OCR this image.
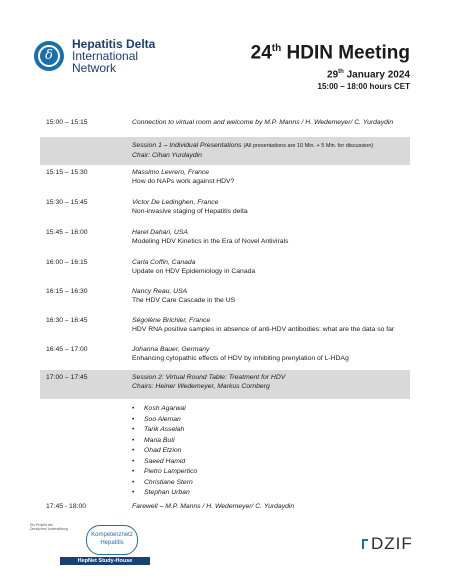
δ
Hepatitis Delta
International
Network
24th HDIN Meeting
29th January 2024
15:00 – 18:00 hours CET
15:00 – 15:15	Connection to virtual room and welcome by M.P. Manns / H. Wedemeyer/ C. Yurdaydin
Session 1 – Individual Presentations (All presentations are 10 Min. + 5 Min. for discussion)
Chair: Cihan Yurdaydin
15:15 – 15:30	Massimo Levrero, France
How do NAPs work against HDV?
15:30 – 15:45	Victor De Ledinghen, France
Non-invasive staging of Hepatitis delta
15:45 – 16:00	Harel Dahari, USA
Modeling HDV Kinetics in the Era of Novel Antivirals
16:00 – 16:15	Carla Coffin, Canada
Update on HDV Epidemiology in Canada
16:15 – 16:30	Nancy Reau, USA
The HDV Care Cascade in the US
16:30 – 16:45	Ségolène Brichler, France
HDV RNA positive samples in absence of anti-HDV antibodies: what are the data so far
16:45 – 17:00	Johanna Bauer, Germany
Enhancing cytopathic effects of HDV by inhibiting prenylation of L-HDAg
17:00 – 17:45	Session 2: Virtual Round Table: Treatment for HDV
Chairs: Heiner Wedemeyer, Markus Cornberg
• Kosh Agarwal
• Soo Aleman
• Tarik Asselah
• Maria Buti
• Ohad Etzion
• Saeed Hamid
• Pietro Lampertico
• Christiane Stern
• Stephan Urban
17:45 - 18:00	Farewell – M.P. Manns / H. Wedemeyer/ C. Yurdaydin
Ein Projekt der Deutschen Leberstiftung
Kompetenznetz Hepatitis
HepNet Study-House
DZIF
